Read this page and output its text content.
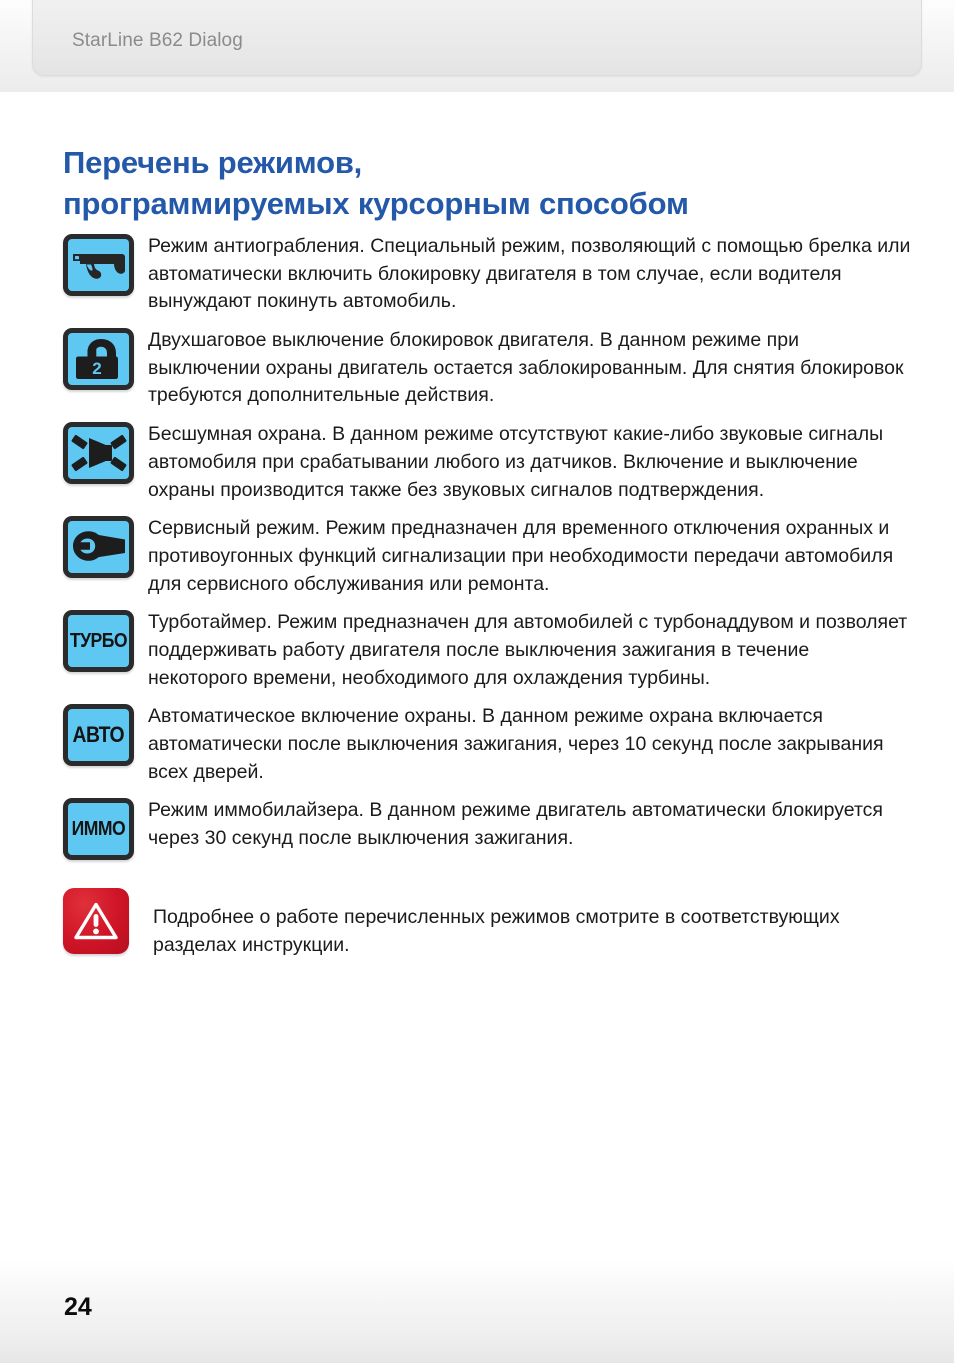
StarLine B62 Dialog
Перечень режимов,
программируемых курсорным способом
Режим антиограбления. Специальный режим, позволяющий с помощью брелка или автоматически включить блокировку двигателя в том случае, если водителя вынуждают покинуть автомобиль.
2
Двухшаговое выключение блокировок двигателя. В данном режиме при выключении охраны двигатель остается заблокированным. Для снятия блокировок требуются дополнительные действия.
Бесшумная охрана. В данном режиме отсутствуют какие-либо звуковые сигналы автомобиля при срабатывании любого из датчиков. Включение и выключение охраны производится также без звуковых сигналов подтверждения.
Сервисный режим. Режим предназначен для временного отключения охранных и противоугонных функций сигнализации при необходимости передачи автомобиля для сервисного обслуживания или ремонта.
ТУРБО
Турботаймер. Режим предназначен для автомобилей с турбонаддувом и позволяет поддерживать работу двигателя после выключения зажигания в течение некоторого времени, необходимого для охлаждения турбины.
АВТО
Автоматическое включение охраны. В данном режиме охрана включается автоматически после выключения зажигания, через 10 секунд после закрывания всех дверей.
ИММО
Режим иммобилайзера. В данном режиме двигатель автоматически блокируется через 30 секунд после выключения зажигания.
Подробнее о работе перечисленных режимов смотрите в соответствующих разделах инструкции.
24
